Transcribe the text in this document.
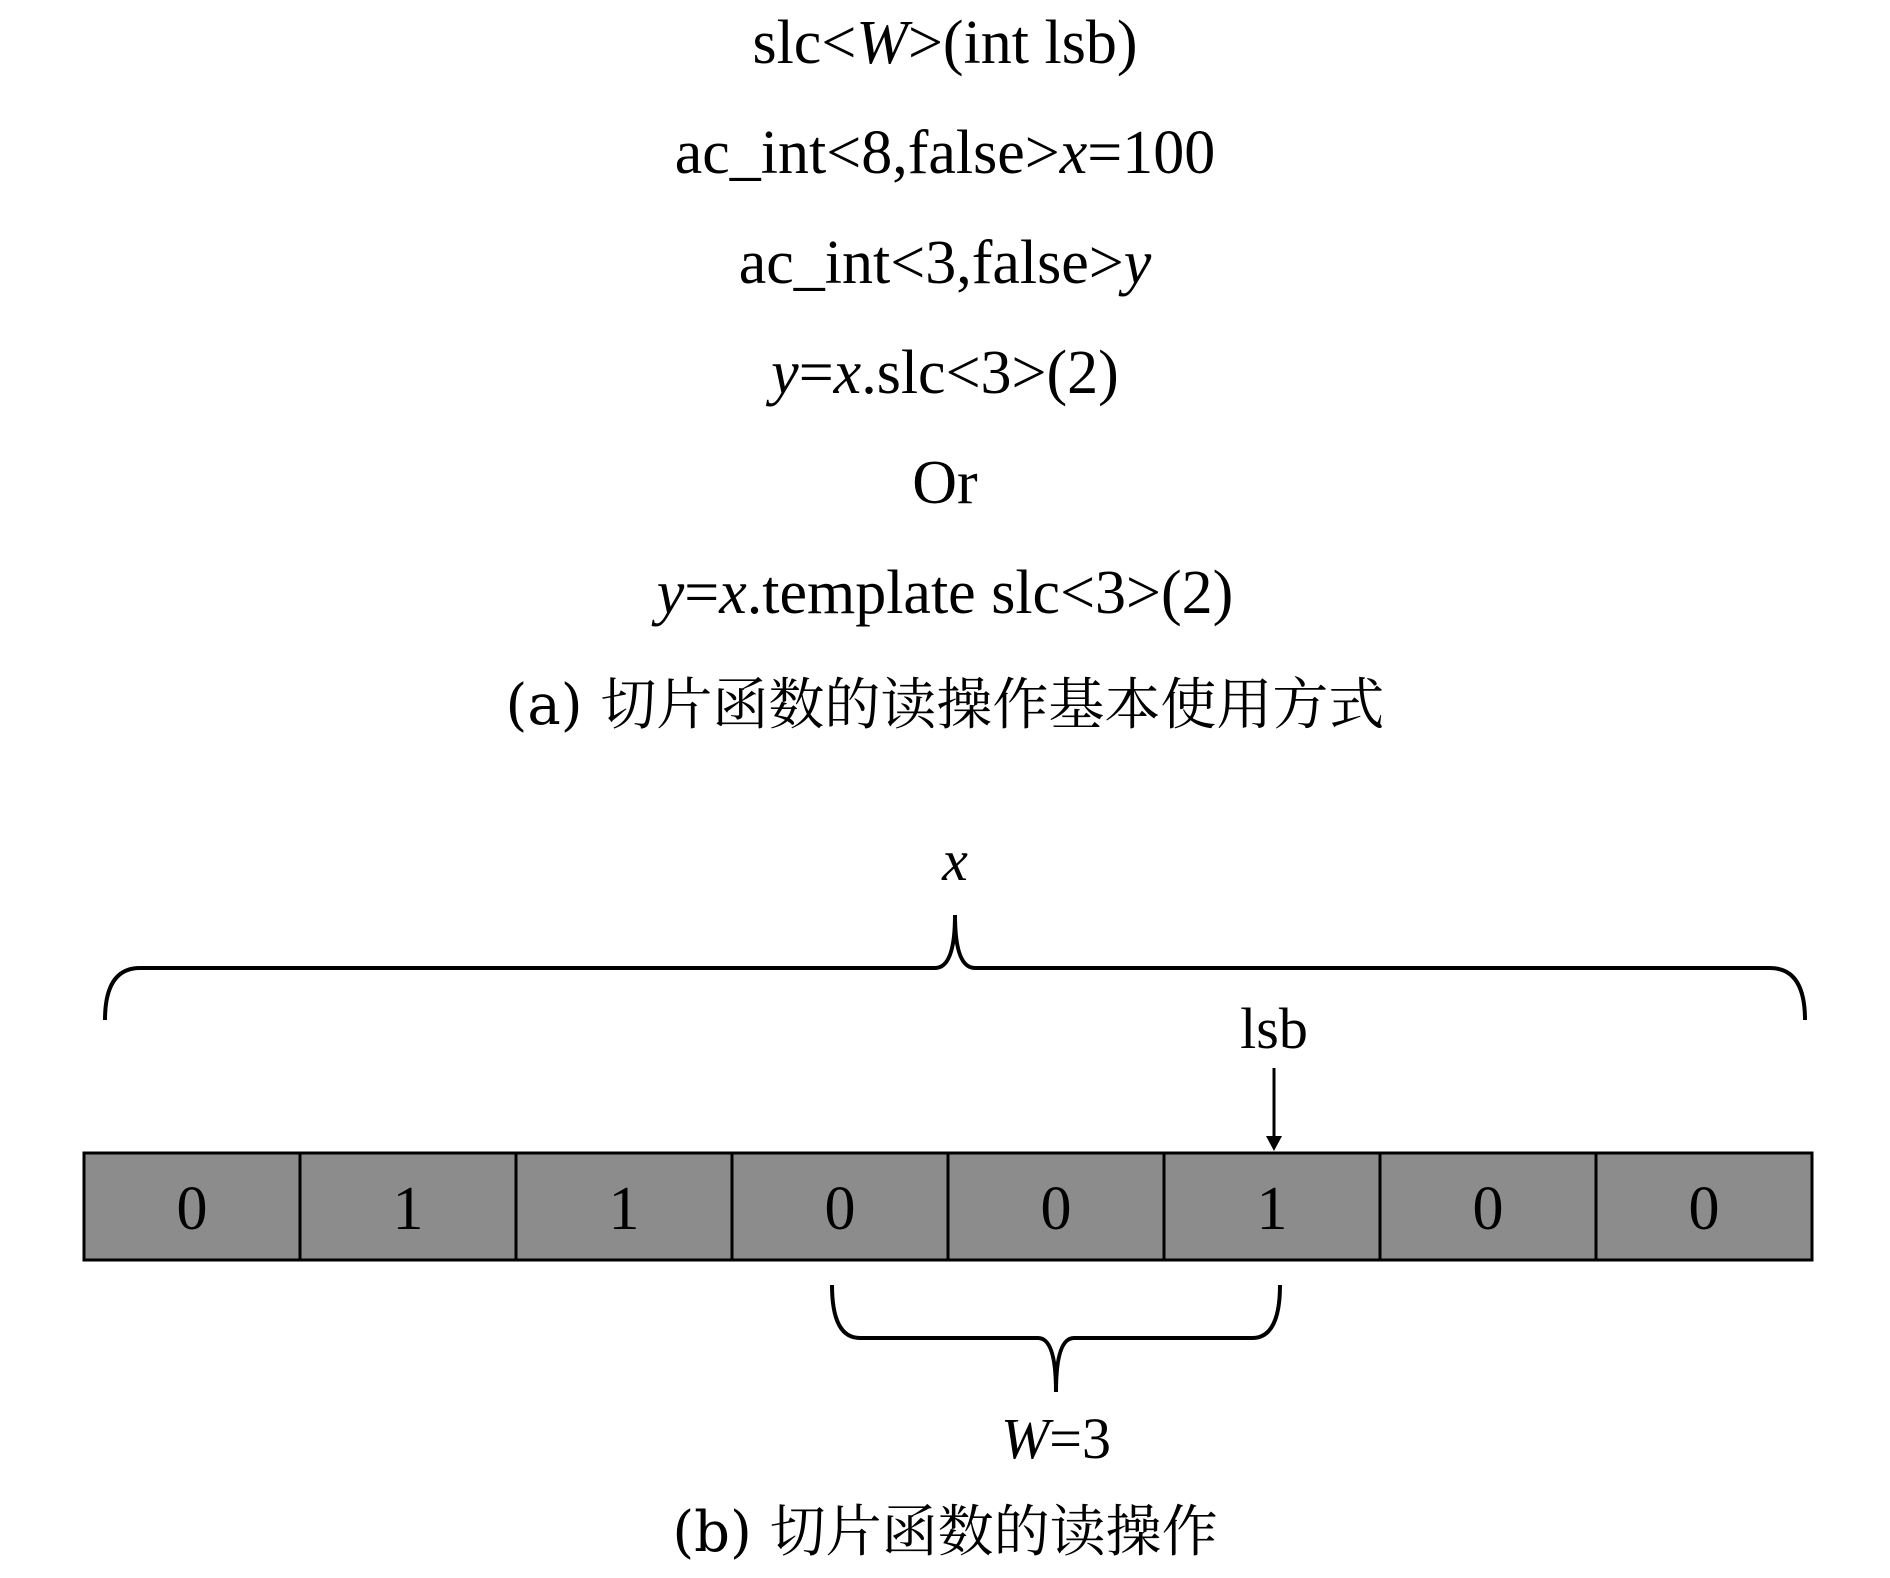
slc<W>(int lsb)
ac_int<8,false>x=100
ac_int<3,false>y
y=x.slc<3>(2)
Or
y=x.template slc<3>(2)
(a) 切片函数的读操作基本使用方式
x
lsb
0	1	1	0	0	1	0	0
W=3
(b) 切片函数的读操作
